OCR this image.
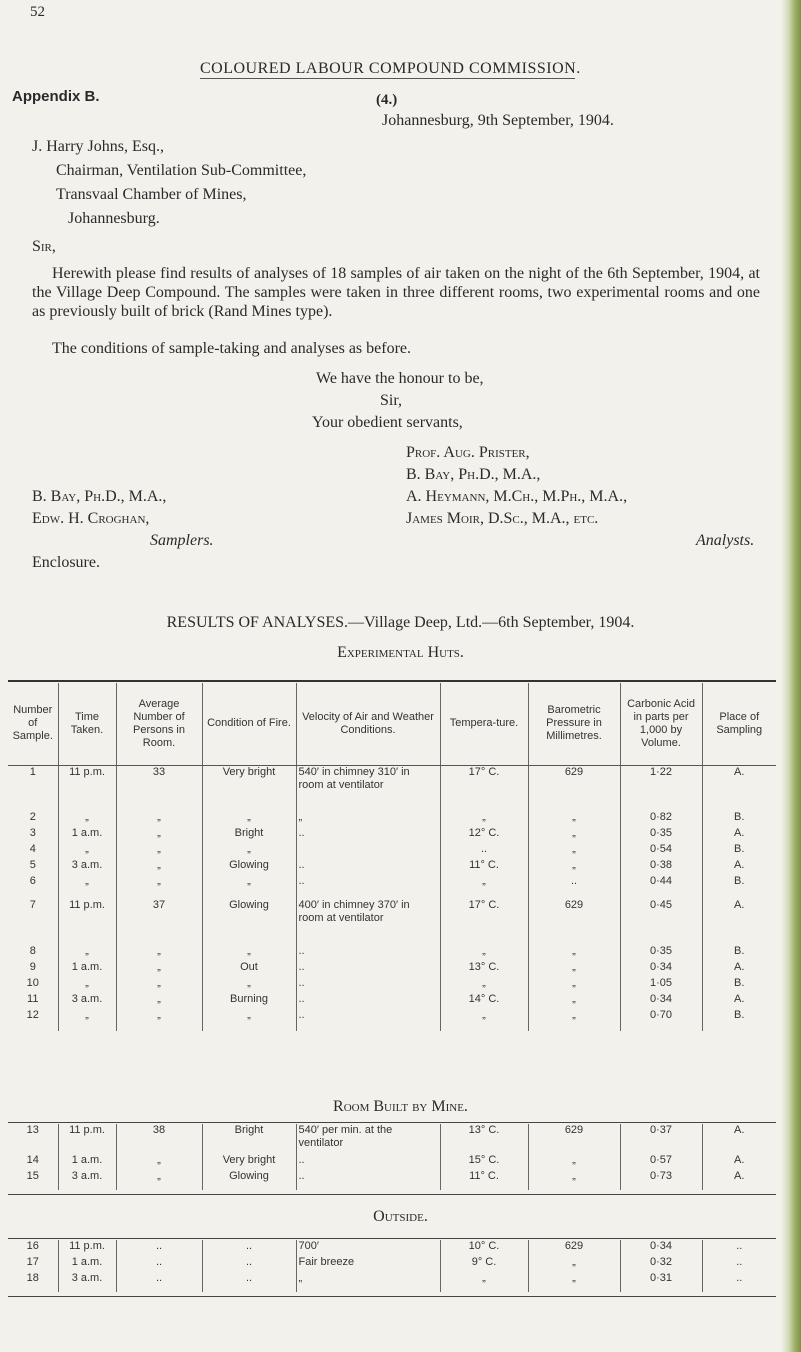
52
COLOURED LABOUR COMPOUND COMMISSION.
Appendix B.	(4.)
Johannesburg, 9th September, 1904.
J. Harry Johns, Esq.,
Chairman, Ventilation Sub-Committee,
Transvaal Chamber of Mines,
Johannesburg.
Sir,
Herewith please find results of analyses of 18 samples of air taken on the night of the 6th September, 1904, at the Village Deep Compound. The samples were taken in three different rooms, two experimental rooms and one as previously built of brick (Rand Mines type).
The conditions of sample-taking and analyses as before.
We have the honour to be,
Sir,
Your obedient servants,
Prof. Aug. Prister,
B. Bay, Ph.D., M.A.,
A. Heymann, M.Ch., M.Ph., M.A.,
James Moir, D.Sc., M.A., etc.
Analysts.
B. Bay, Ph.D., M.A.,
Edw. H. Croghan,
Samplers.
Enclosure.
RESULTS OF ANALYSES.—Village Deep, Ltd.—6th September, 1904.
Experimental Huts.
Number of Sample.	Time Taken.	Average Number of Persons in Room.	Condition of Fire.	Velocity of Air and Weather Conditions.	Tempera-ture.	Barometric Pressure in Millimetres.	Carbonic Acid in parts per 1,000 by Volume.	Place of Sampling
1	11 p.m.	33	Very bright	540′ in chimney 310′ in room at ventilator	17° C.	629	1·22	A.
2	„	„	„	„	„	„	0·82	B.
3	1 a.m.	„	Bright	..	12° C.	„	0·35	A.
4	„	„	„		..	„	0·54	B.
5	3 a.m.	„	Glowing	..	11° C.	„	0·38	A.
6	„	„	„	..	„	..	0·44	B.
7	11 p.m.	37	Glowing	400′ in chimney 370′ in room at ventilator	17° C.	629	0·45	A.
8	„	„	„	..	„	„	0·35	B.
9	1 a.m.	„	Out	..	13° C.	„	0·34	A.
10	„	„	„	..	„	„	1·05	B.
11	3 a.m.	„	Burning	..	14° C.	„	0·34	A.
12	„	„	„	..	„	„	0·70	B.
Room Built by Mine.
13	11 p.m.	38	Bright	540′ per min. at the ventilator	13° C.	629	0·37	A.
14	1 a.m.	„	Very bright	..	15° C.	„	0·57	A.
15	3 a.m.	„	Glowing	..	11° C.	„	0·73	A.
Outside.
16	11 p.m.	..	..	700′	10° C.	629	0·34	..
17	1 a.m.	..	..	Fair breeze	9° C.	„	0·32	..
18	3 a.m.	..	..	„	„	„	0·31	..
